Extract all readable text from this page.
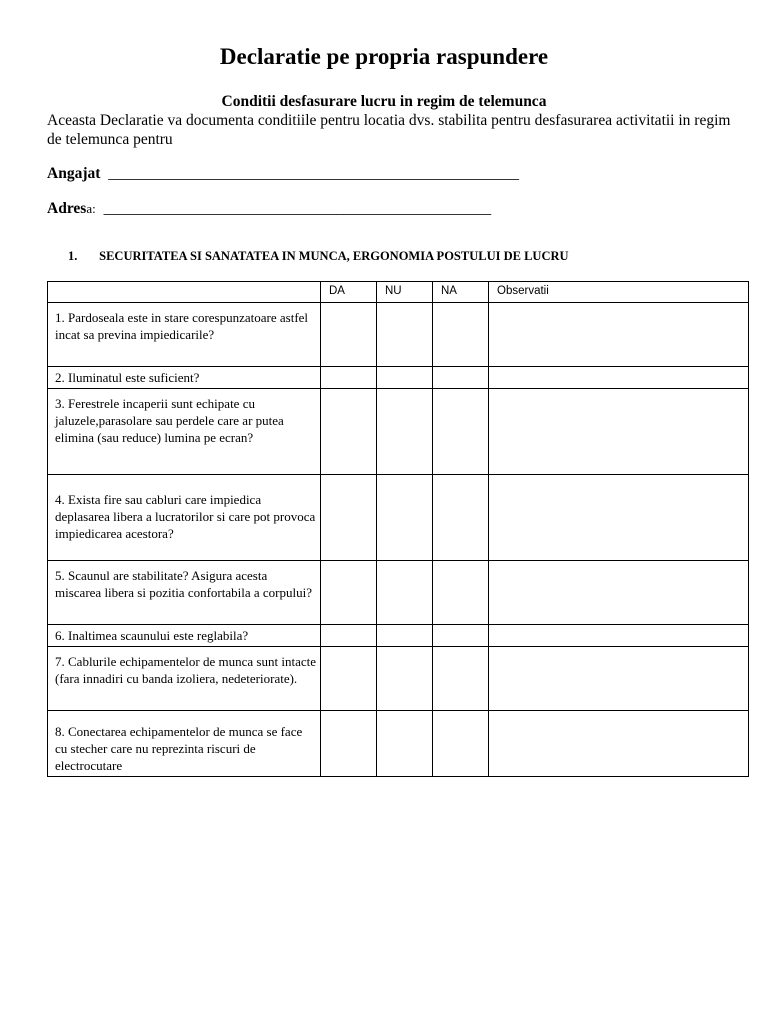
Declaratie pe propria raspundere
Conditii desfasurare lucru in regim de telemunca
Aceasta Declaratie va documenta conditiile pentru locatia dvs. stabilita pentru desfasurarea activitatii in regim de telemunca pentru
Angajat _____________________________________________________
Adresa: __________________________________________________
1. SECURITATEA SI SANATATEA IN MUNCA, ERGONOMIA POSTULUI DE LUCRU
	DA	NU	NA	Observatii

1. Pardoseala este in stare corespunzatoare astfel incat sa previna impiedicarile?				

2. Iluminatul este suficient?				

3. Ferestrele incaperii sunt echipate cu jaluzele,parasolare sau perdele care ar putea elimina (sau reduce) lumina pe ecran?				

4. Exista fire sau cabluri care impiedica deplasarea libera a lucratorilor si care pot provoca impiedicarea acestora?				

5. Scaunul are stabilitate? Asigura acesta miscarea libera si pozitia confortabila a corpului?				

6. Inaltimea scaunului este reglabila?				

7. Cablurile echipamentelor de munca sunt intacte (fara innadiri cu banda izoliera, nedeteriorate).				

8. Conectarea echipamentelor de munca se face cu stecher care nu reprezinta riscuri de electrocutare				
